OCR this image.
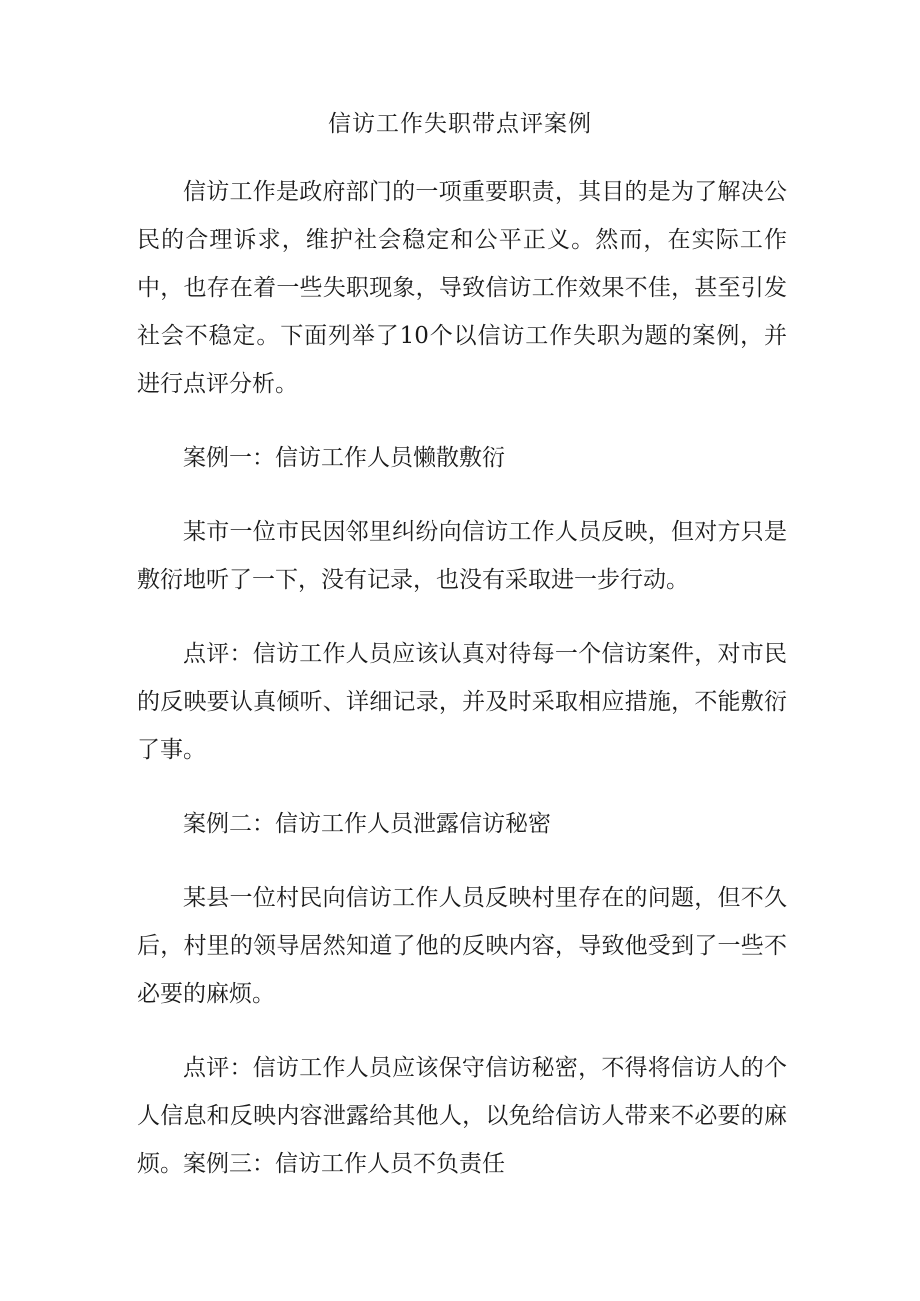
信访工作失职带点评案例

信访工作是政府部门的一项重要职责，其目的是为了解决公民的合理诉求，维护社会稳定和公平正义。然而，在实际工作中，也存在着一些失职现象，导致信访工作效果不佳，甚至引发社会不稳定。下面列举了10个以信访工作失职为题的案例，并进行点评分析。

案例一：信访工作人员懒散敷衍

某市一位市民因邻里纠纷向信访工作人员反映，但对方只是敷衍地听了一下，没有记录，也没有采取进一步行动。

点评：信访工作人员应该认真对待每一个信访案件，对市民的反映要认真倾听、详细记录，并及时采取相应措施，不能敷衍了事。

案例二：信访工作人员泄露信访秘密

某县一位村民向信访工作人员反映村里存在的问题，但不久后，村里的领导居然知道了他的反映内容，导致他受到了一些不必要的麻烦。

点评：信访工作人员应该保守信访秘密，不得将信访人的个人信息和反映内容泄露给其他人，以免给信访人带来不必要的麻烦。案例三：信访工作人员不负责任
